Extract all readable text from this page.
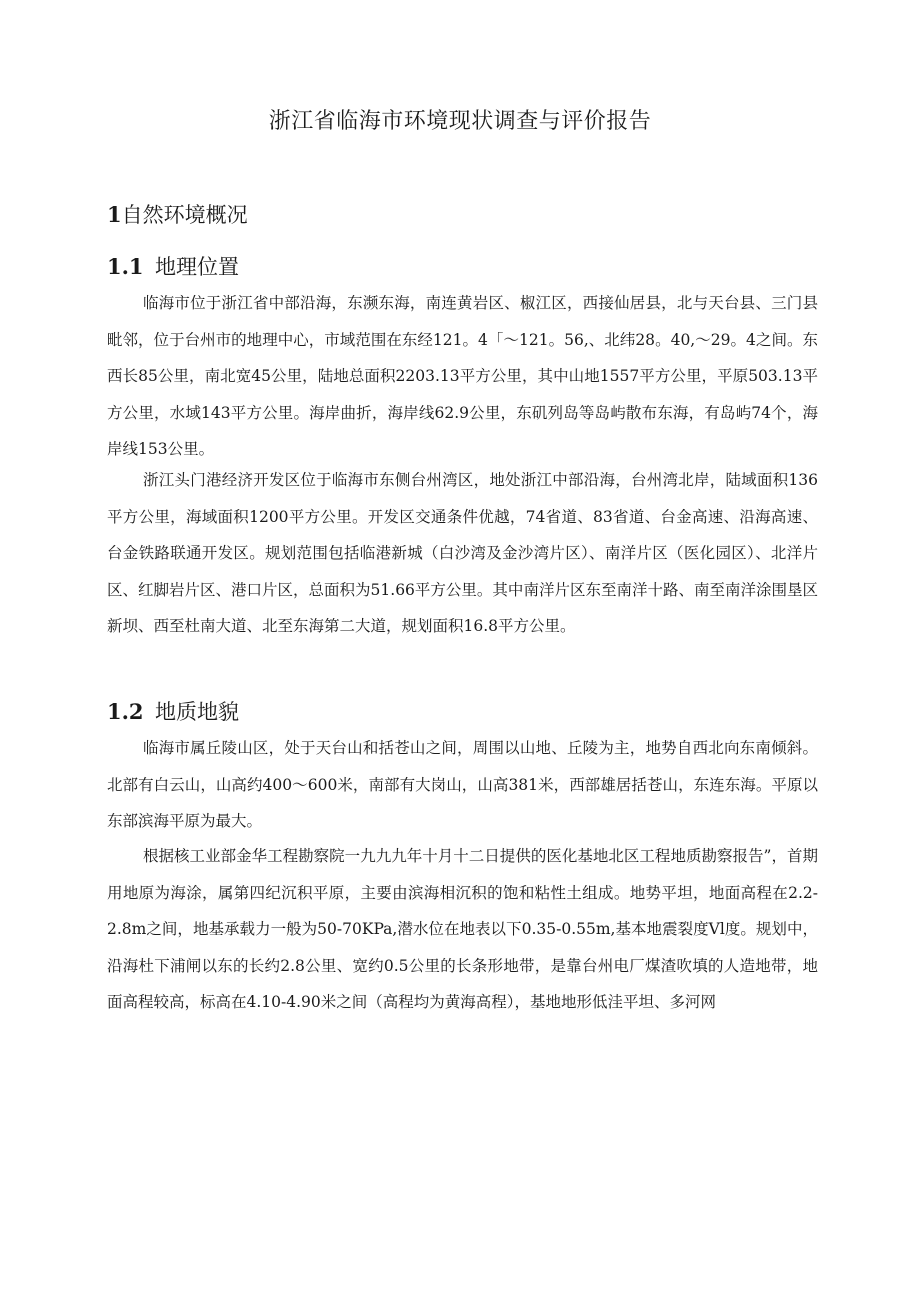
浙江省临海市环境现状调查与评价报告
1自然环境概况
1.1 地理位置

临海市位于浙江省中部沿海，东濒东海，南连黄岩区、椒江区，西接仙居县，北与天台县、三门县毗邻，位于台州市的地理中心，市域范围在东经121。4「～121。56,、北纬28。40,～29。4之间。东西长85公里，南北宽45公里，陆地总面积2203.13平方公里，其中山地1557平方公里，平原503.13平方公里，水域143平方公里。海岸曲折，海岸线62.9公里，东矶列岛等岛屿散布东海，有岛屿74个，海岸线153公里。

浙江头门港经济开发区位于临海市东侧台州湾区，地处浙江中部沿海，台州湾北岸，陆域面积136平方公里，海域面积1200平方公里。开发区交通条件优越，74省道、83省道、台金高速、沿海高速、台金铁路联通开发区。规划范围包括临港新城（白沙湾及金沙湾片区）、南洋片区（医化园区）、北洋片区、红脚岩片区、港口片区，总面积为51.66平方公里。其中南洋片区东至南洋十路、南至南洋涂围垦区新坝、西至杜南大道、北至东海第二大道，规划面积16.8平方公里。

1.2 地质地貌

临海市属丘陵山区，处于天台山和括苍山之间，周围以山地、丘陵为主，地势自西北向东南倾斜。北部有白云山，山高约400～600米，南部有大岗山，山高381米，西部雄居括苍山，东连东海。平原以东部滨海平原为最大。

根据核工业部金华工程勘察院一九九九年十月十二日提供的医化基地北区工程地质勘察报告”，首期用地原为海涂，属第四纪沉积平原，主要由滨海相沉积的饱和粘性土组成。地势平坦，地面高程在2.2-2.8m之间，地基承载力一般为50-70KPa,潜水位在地表以下0.35-0.55m,基本地震裂度Vl度。规划中，沿海杜下浦闸以东的长约2.8公里、宽约0.5公里的长条形地带，是靠台州电厂煤渣吹填的人造地带，地面高程较高，标高在4.10-4.90米之间（高程均为黄海高程），基地地形低洼平坦、多河网
